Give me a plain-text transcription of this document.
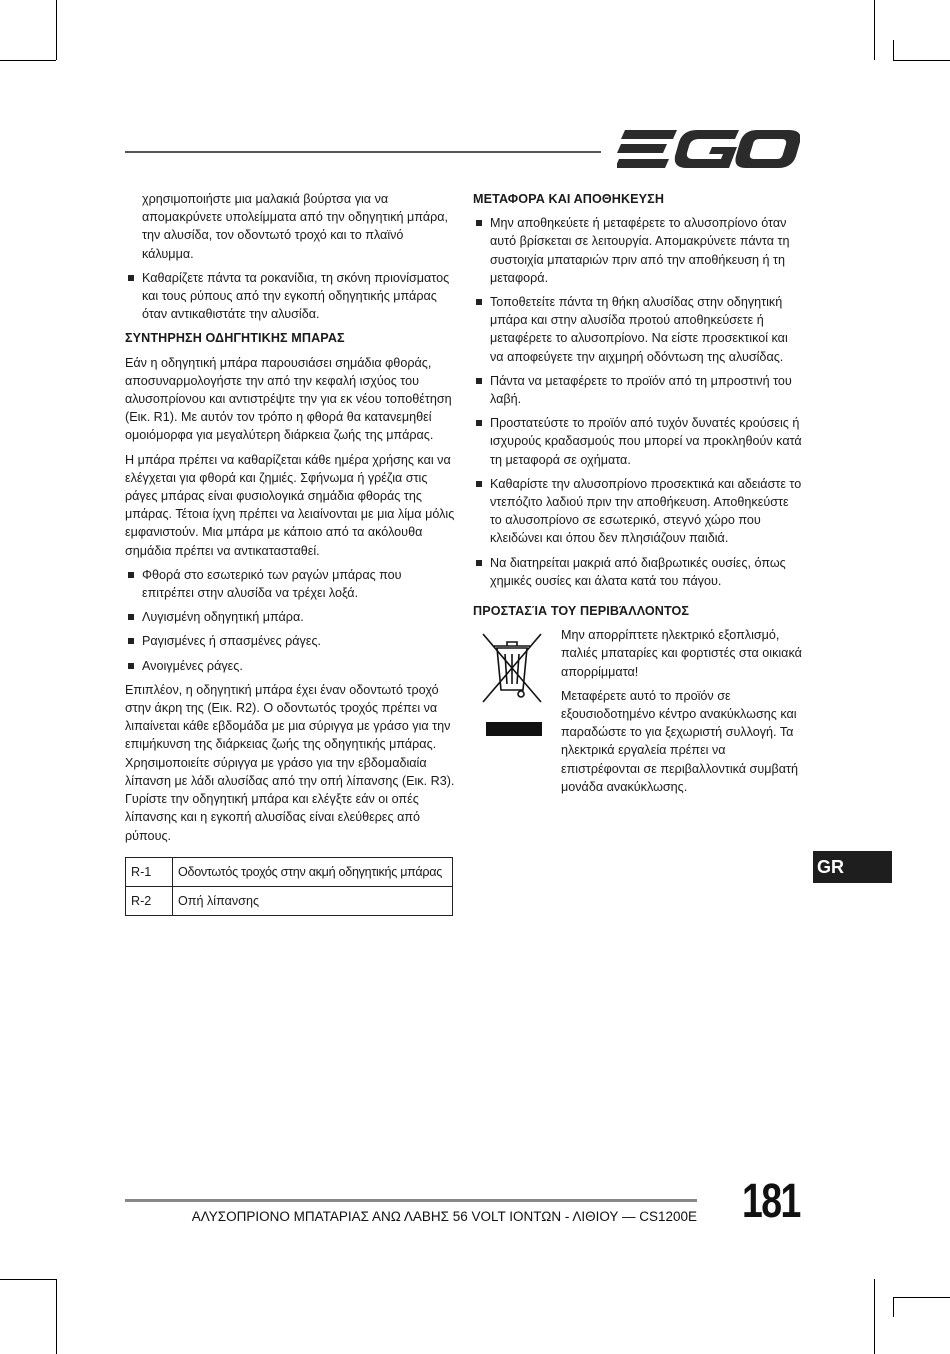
χρησιμοποιήστε μια μαλακιά βούρτσα για να απομακρύνετε υπολείμματα από την οδηγητική μπάρα, την αλυσίδα, τον οδοντωτό τροχό και το πλαϊνό κάλυμμα.

Καθαρίζετε πάντα τα ροκανίδια, τη σκόνη πριονίσματος και τους ρύπους από την εγκοπή οδηγητικής μπάρας όταν αντικαθιστάτε την αλυσίδα.
ΣΥΝΤΗΡΗΣΗ ΟΔΗΓΗΤΙΚΗΣ ΜΠΑΡΑΣ

Εάν η οδηγητική μπάρα παρουσιάσει σημάδια φθοράς, αποσυναρμολογήστε την από την κεφαλή ισχύος του αλυσοπρίονου και αντιστρέψτε την για εκ νέου τοποθέτηση (Εικ. R1). Με αυτόν τον τρόπο η φθορά θα κατανεμηθεί ομοιόμορφα για μεγαλύτερη διάρκεια ζωής της μπάρας.

Η μπάρα πρέπει να καθαρίζεται κάθε ημέρα χρήσης και να ελέγχεται για φθορά και ζημιές. Σφήνωμα ή γρέζια στις ράγες μπάρας είναι φυσιολογικά σημάδια φθοράς της μπάρας. Τέτοια ίχνη πρέπει να λειαίνονται με μια λίμα μόλις εμφανιστούν. Μια μπάρα με κάποιο από τα ακόλουθα σημάδια πρέπει να αντικατασταθεί.

Φθορά στο εσωτερικό των ραγών μπάρας που επιτρέπει στην αλυσίδα να τρέχει λοξά.
Λυγισμένη οδηγητική μπάρα.
Ραγισμένες ή σπασμένες ράγες.
Ανοιγμένες ράγες.

Επιπλέον, η οδηγητική μπάρα έχει έναν οδοντωτό τροχό στην άκρη της (Εικ. R2). Ο οδοντωτός τροχός πρέπει να λιπαίνεται κάθε εβδομάδα με μια σύριγγα με γράσο για την επιμήκυνση της διάρκειας ζωής της οδηγητικής μπάρας. Χρησιμοποιείτε σύριγγα με γράσο για την εβδομαδιαία λίπανση με λάδι αλυσίδας από την οπή λίπανσης (Εικ. R3). Γυρίστε την οδηγητική μπάρα και ελέγξτε εάν οι οπές λίπανσης και η εγκοπή αλυσίδας είναι ελεύθερες από ρύπους.

R-1	Οδοντωτός τροχός στην ακμή οδηγητικής μπάρας
R-2	Οπή λίπανσης
ΜΕΤΑΦΟΡΑ ΚΑΙ ΑΠΟΘΗΚΕΥΣΗ
Μην αποθηκεύετε ή μεταφέρετε το αλυσοπρίονο όταν αυτό βρίσκεται σε λειτουργία. Απομακρύνετε πάντα τη συστοιχία μπαταριών πριν από την αποθήκευση ή τη μεταφορά.
Τοποθετείτε πάντα τη θήκη αλυσίδας στην οδηγητική μπάρα και στην αλυσίδα προτού αποθηκεύσετε ή μεταφέρετε το αλυσοπρίονο. Να είστε προσεκτικοί και να αποφεύγετε την αιχμηρή οδόντωση της αλυσίδας.
Πάντα να μεταφέρετε το προϊόν από τη μπροστινή του λαβή.
Προστατεύστε το προϊόν από τυχόν δυνατές κρούσεις ή ισχυρούς κραδασμούς που μπορεί να προκληθούν κατά τη μεταφορά σε οχήματα.
Καθαρίστε την αλυσοπρίονο προσεκτικά και αδειάστε το ντεπόζιτο λαδιού πριν την αποθήκευση. Αποθηκεύστε το αλυσοπρίονο σε εσωτερικό, στεγνό χώρο που κλειδώνει και όπου δεν πλησιάζουν παιδιά.
Να διατηρείται μακριά από διαβρωτικές ουσίες, όπως χημικές ουσίες και άλατα κατά του πάγου.
ΠΡΟΣΤΑΣΊΑ ΤΟΥ ΠΕΡΙΒΆΛΛΟΝΤΟΣ

Μην απορρίπτετε ηλεκτρικό εξοπλισμό, παλιές μπαταρίες και φορτιστές στα οικιακά απορρίμματα!

Μεταφέρετε αυτό το προϊόν σε εξουσιοδοτημένο κέντρο ανακύκλωσης και παραδώστε το για ξεχωριστή συλλογή. Τα ηλεκτρικά εργαλεία πρέπει να επιστρέφονται σε περιβαλλοντικά συμβατή μονάδα ανακύκλωσης.

GR
ΑΛΥΣΟΠΡΙΟΝΟ ΜΠΑΤΑΡΙΑΣ ΑΝΩ ΛΑΒΗΣ 56 VOLT ΙΟΝΤΩΝ - ΛΙΘΙΟΥ — CS1200E 181
